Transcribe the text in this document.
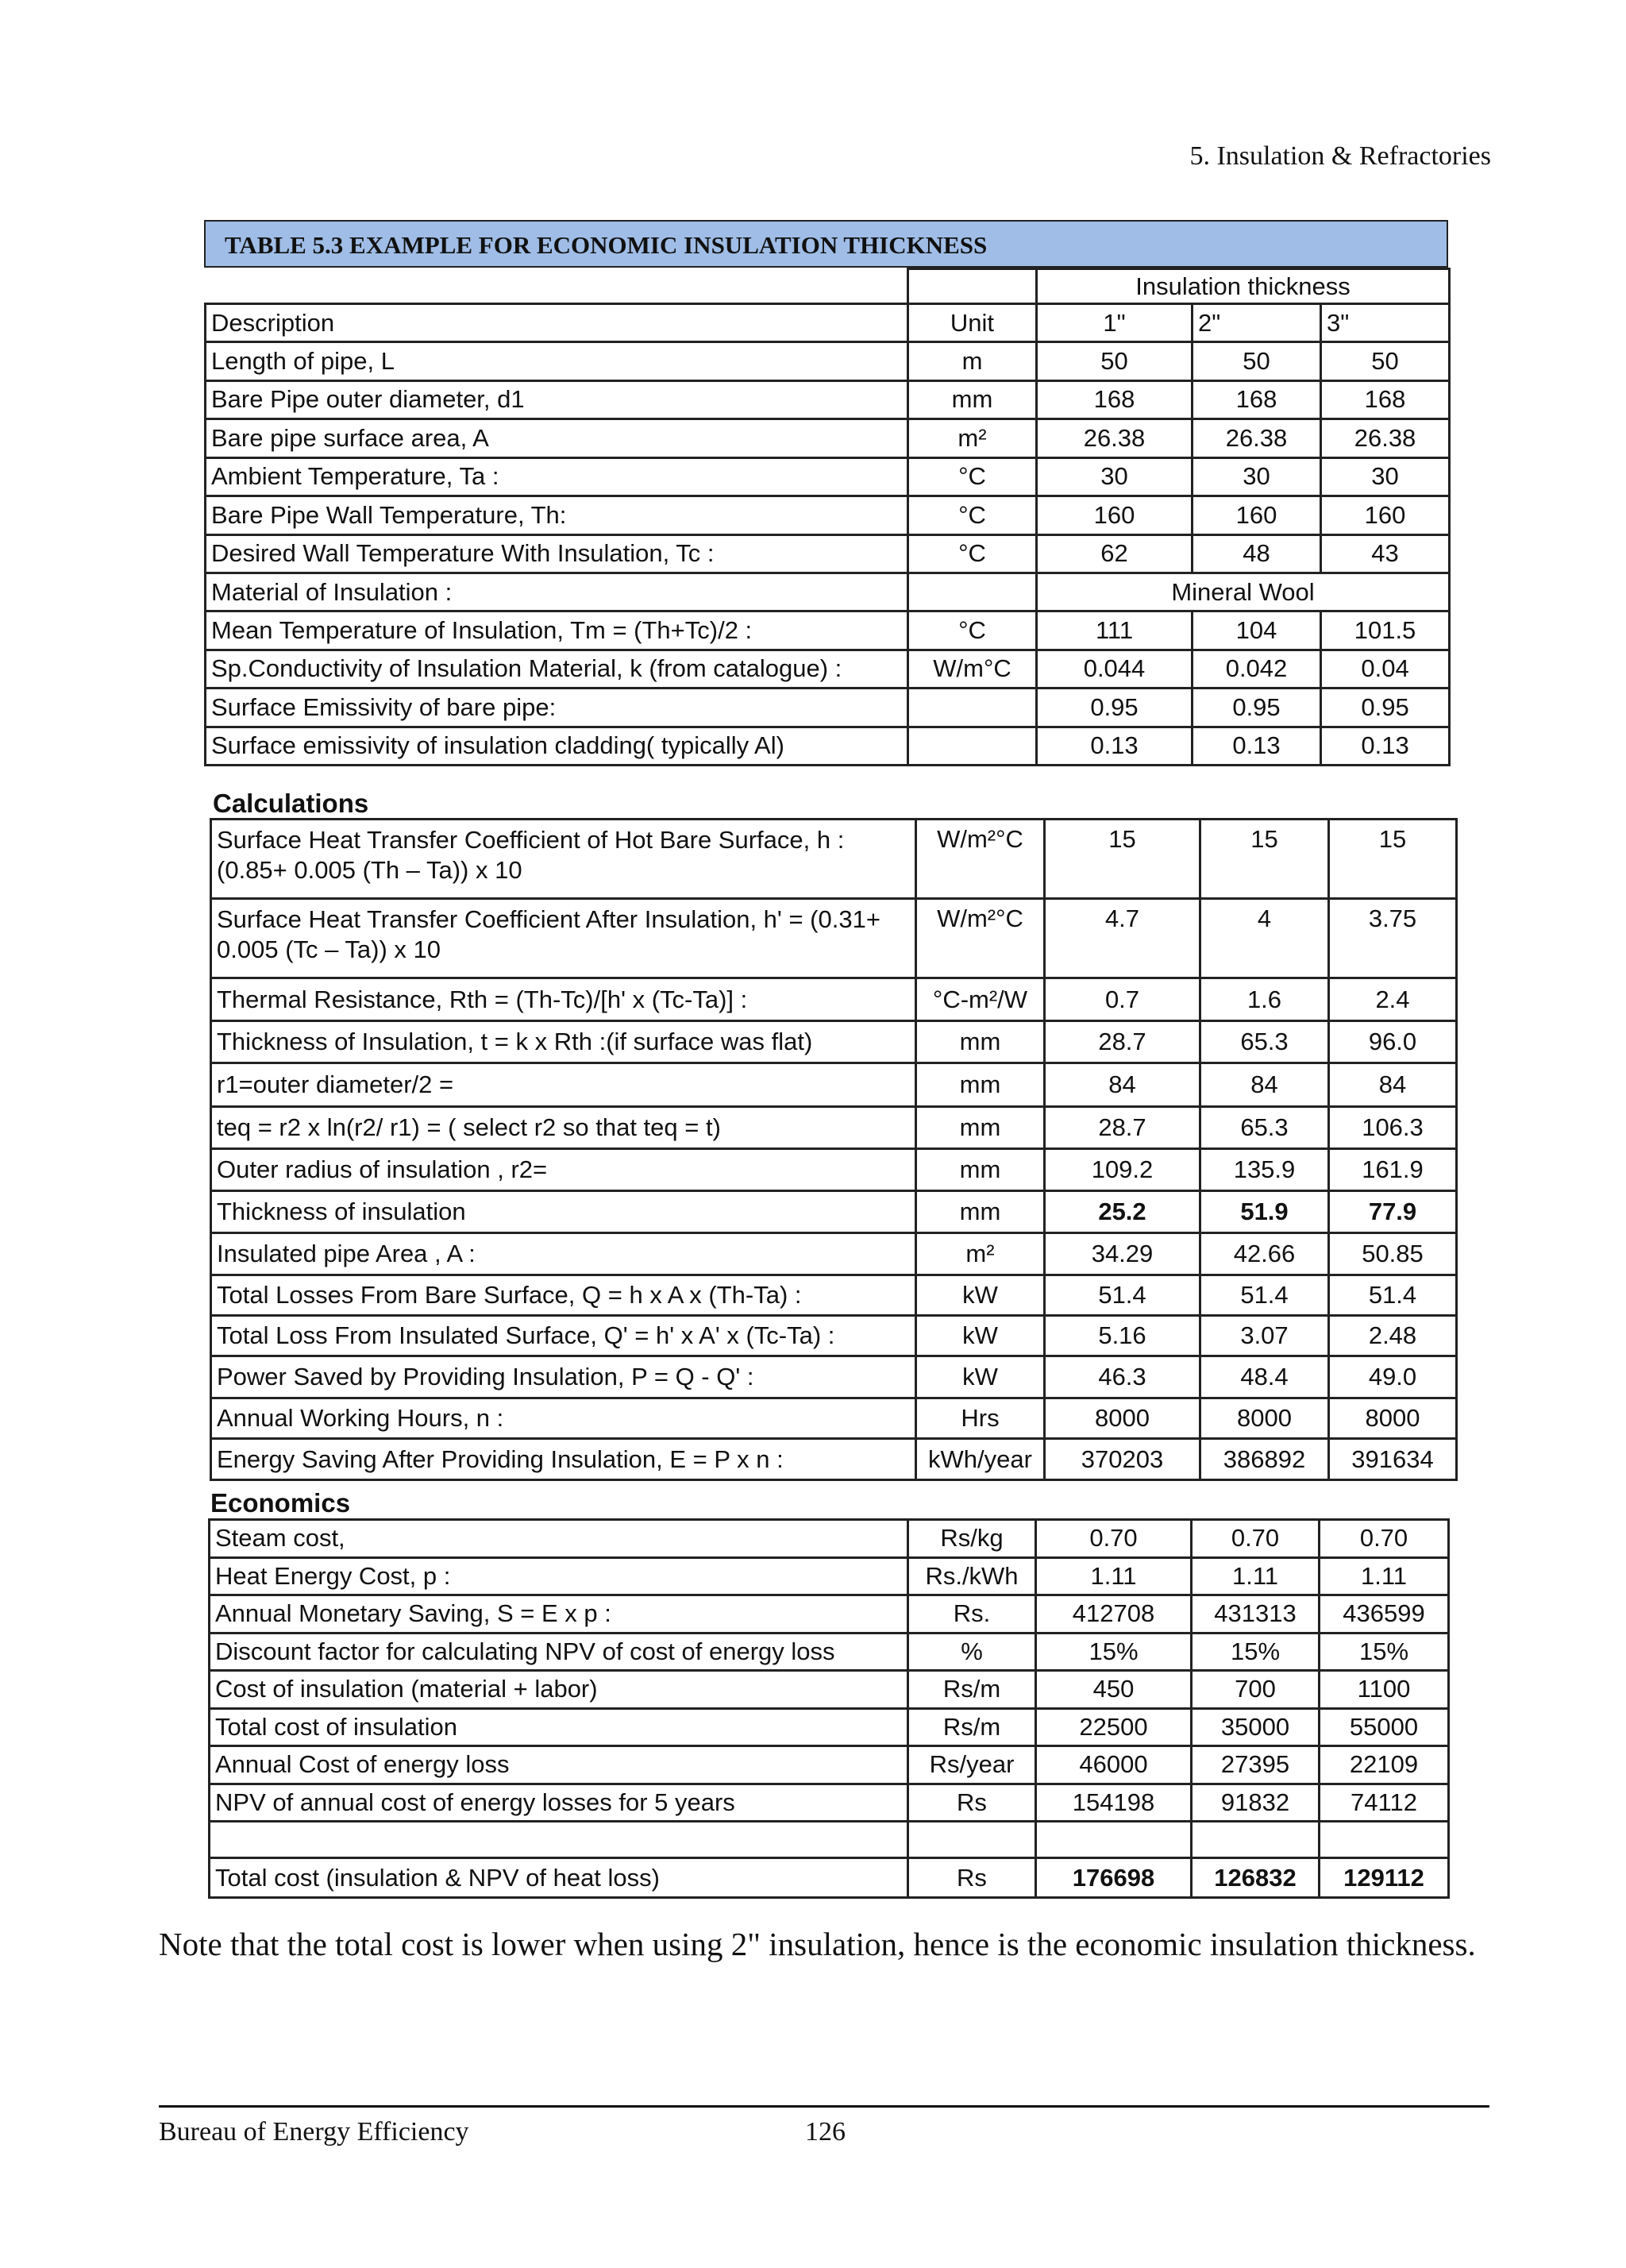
5. Insulation & Refractories
TABLE 5.3 EXAMPLE FOR ECONOMIC INSULATION THICKNESS
		Insulation thickness		
Description	Unit	1"	2"	3"
Length of pipe, L	m	50	50	50
Bare Pipe outer diameter, d1	mm	168	168	168
Bare pipe surface area, A	m²	26.38	26.38	26.38
Ambient Temperature, Ta :	°C	30	30	30
Bare Pipe Wall Temperature, Th:	°C	160	160	160
Desired Wall Temperature With Insulation, Tc :	°C	62	48	43
Material of Insulation :		Mineral Wool		
Mean Temperature of Insulation, Tm = (Th+Tc)/2 :	°C	111	104	101.5
Sp.Conductivity of Insulation Material, k (from catalogue) :	W/m°C	0.044	0.042	0.04
Surface Emissivity of bare pipe:		0.95	0.95	0.95
Surface emissivity of insulation cladding( typically Al)		0.13	0.13	0.13
Calculations
Surface Heat Transfer Coefficient of Hot Bare Surface, h :(0.85+ 0.005 (Th – Ta)) x 10	W/m²°C	15	15	15
Surface Heat Transfer Coefficient After Insulation, h' = (0.31+ 0.005 (Tc – Ta)) x 10	W/m²°C	4.7	4	3.75
Thermal Resistance, Rth = (Th-Tc)/[h' x (Tc-Ta)] :	°C-m²/W	0.7	1.6	2.4
Thickness of Insulation, t = k x Rth :(if surface was flat)	mm	28.7	65.3	96.0
r1=outer diameter/2 =	mm	84	84	84
teq = r2 x ln(r2/ r1) = ( select r2 so that teq = t)	mm	28.7	65.3	106.3
Outer radius of insulation , r2=	mm	109.2	135.9	161.9
Thickness of insulation	mm	25.2	51.9	77.9
Insulated pipe Area , A :	m²	34.29	42.66	50.85
Total Losses From Bare Surface, Q = h x A x (Th-Ta) :	kW	51.4	51.4	51.4
Total Loss From Insulated Surface, Q' = h' x A' x (Tc-Ta) :	kW	5.16	3.07	2.48
Power Saved by Providing Insulation, P = Q - Q' :	kW	46.3	48.4	49.0
Annual Working Hours, n :	Hrs	8000	8000	8000
Energy Saving After Providing Insulation, E = P x n :	kWh/year	370203	386892	391634
Economics
Steam cost,	Rs/kg	0.70	0.70	0.70
Heat Energy Cost, p :	Rs./kWh	1.11	1.11	1.11
Annual Monetary Saving, S = E x p :	Rs.	412708	431313	436599
Discount factor for calculating NPV of cost of energy loss	%	15%	15%	15%
Cost of insulation (material + labor)	Rs/m	450	700	1100
Total cost of insulation	Rs/m	22500	35000	55000
Annual Cost of energy loss	Rs/year	46000	27395	22109
NPV of annual cost of energy losses for 5 years	Rs	154198	91832	74112

Total cost (insulation & NPV of heat loss)	Rs	176698	126832	129112
Note that the total cost is lower when using 2" insulation, hence is the economic insulation thickness.
Bureau of Energy Efficiency	126
